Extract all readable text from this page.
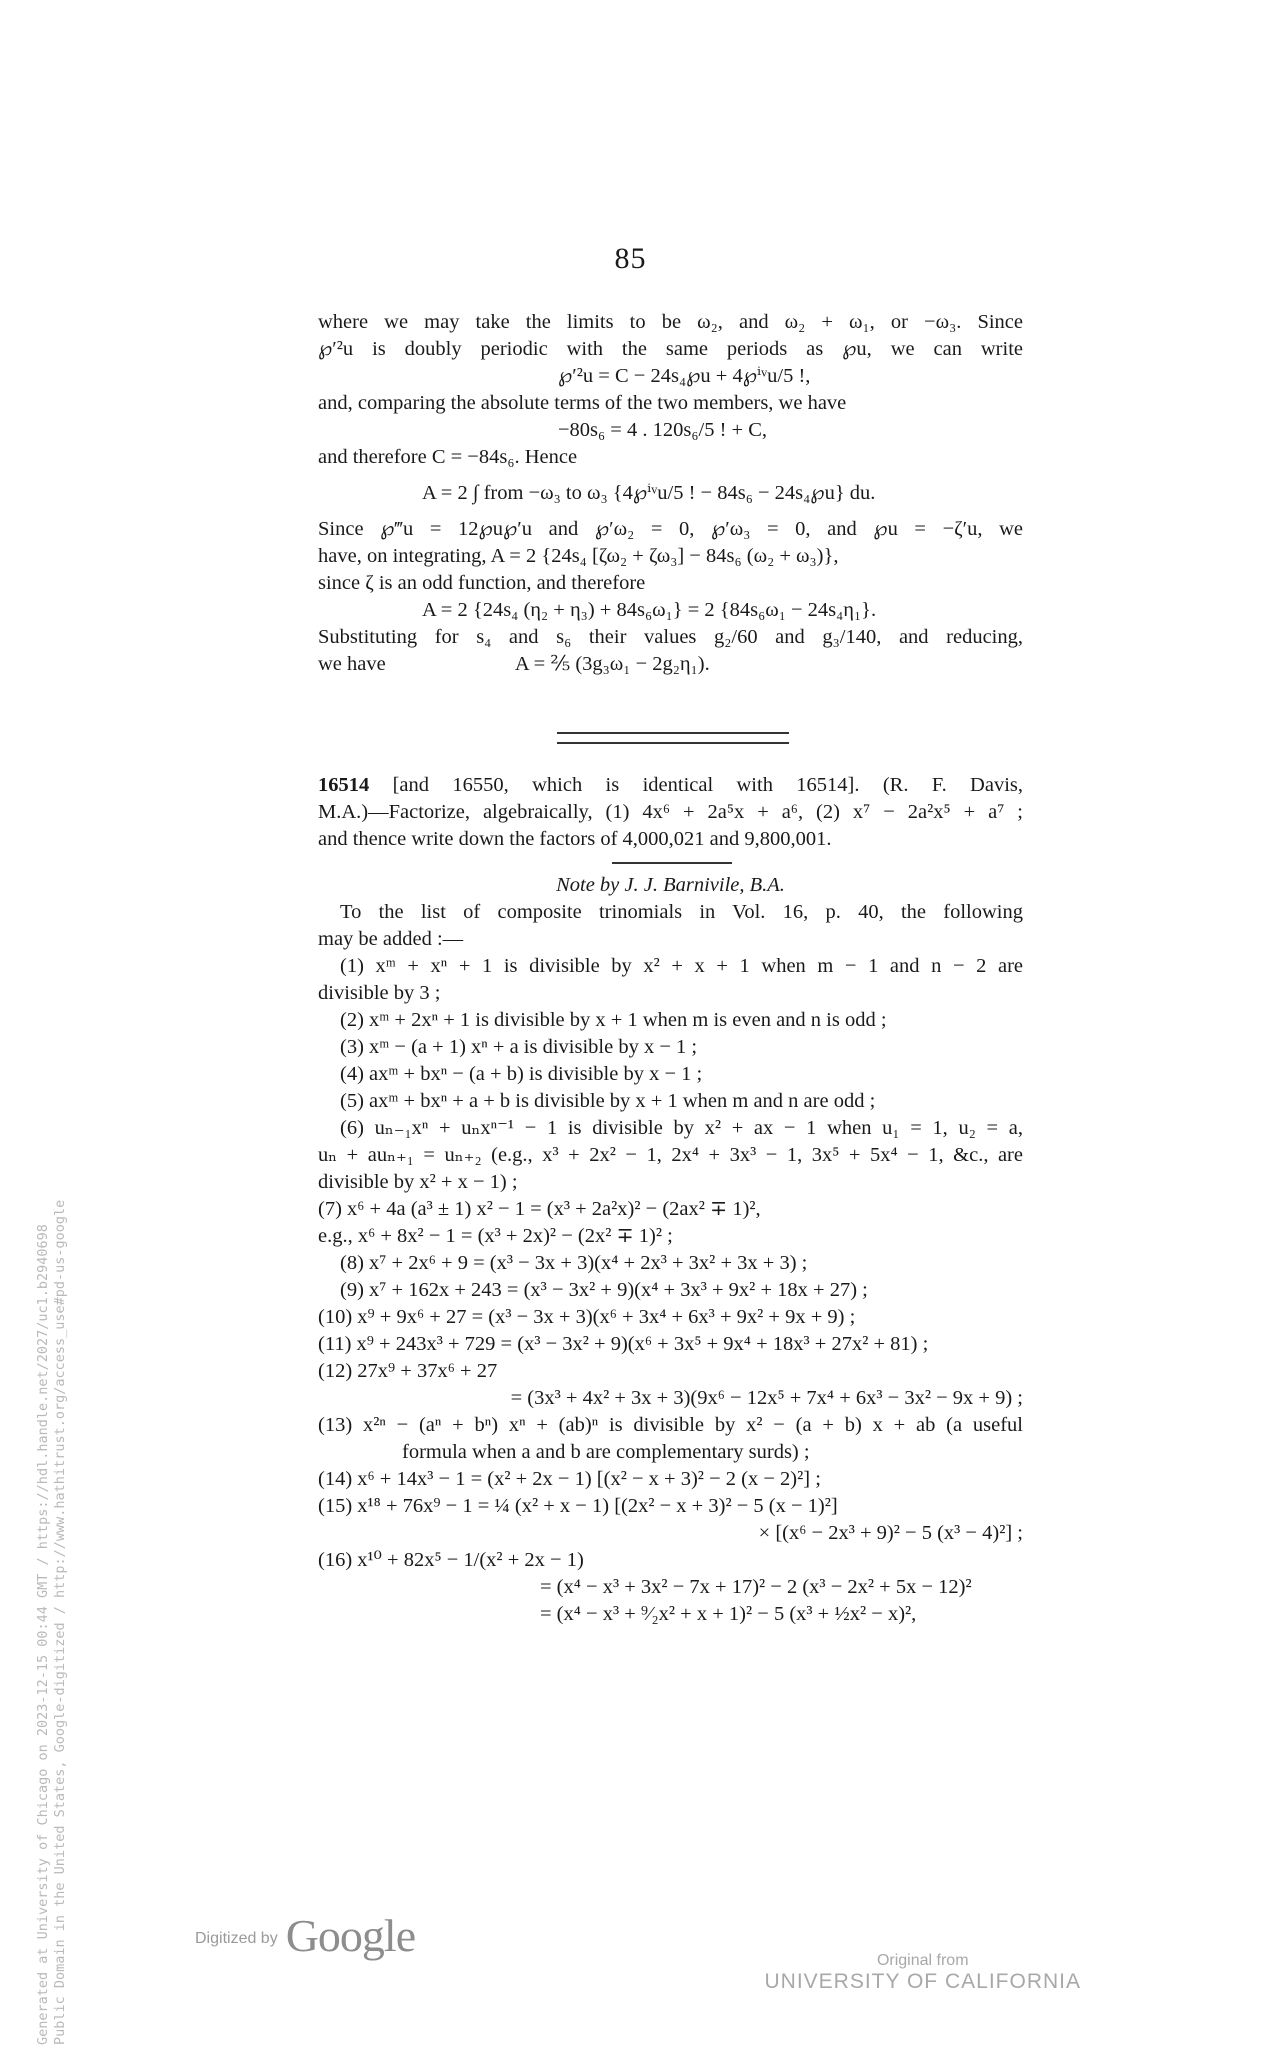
85
where we may take the limits to be ω₂, and ω₂ + ω₁, or −ω₃. Since
℘′²u is doubly periodic with the same periods as ℘u, we can write
℘′²u = C − 24s₄℘u + 4℘ⁱᵛu/5 !,
and, comparing the absolute terms of the two members, we have
−80s₆ = 4 . 120s₆/5 ! + C,
and therefore C = −84s₆. Hence
A = 2 ∫ from −ω₃ to ω₃ {4℘ⁱᵛu/5 ! − 84s₆ − 24s₄℘u} du.
Since ℘‴u = 12℘u℘′u and ℘′ω₂ = 0, ℘′ω₃ = 0, and ℘u = −ζ′u, we
have, on integrating, A = 2 {24s₄ [ζω₂ + ζω₃] − 84s₆ (ω₂ + ω₃)},
since ζ is an odd function, and therefore
A = 2 {24s₄ (η₂ + η₃) + 84s₆ω₁} = 2 {84s₆ω₁ − 24s₄η₁}.
Substituting for s₄ and s₆ their values g₂/60 and g₃/140, and reducing,
we have	A = ⅖ (3g₃ω₁ − 2g₂η₁).
16514 [and 16550, which is identical with 16514]. (R. F. Davis,
M.A.)—Factorize, algebraically, (1) 4x⁶ + 2a⁵x + a⁶, (2) x⁷ − 2a²x⁵ + a⁷ ;
and thence write down the factors of 4,000,021 and 9,800,001.
Note by J. J. Barnivile, B.A.
To the list of composite trinomials in Vol. 16, p. 40, the following
may be added :—
(1) xᵐ + xⁿ + 1 is divisible by x² + x + 1 when m − 1 and n − 2 are
divisible by 3 ;
(2) xᵐ + 2xⁿ + 1 is divisible by x + 1 when m is even and n is odd ;
(3) xᵐ − (a + 1) xⁿ + a is divisible by x − 1 ;
(4) axᵐ + bxⁿ − (a + b) is divisible by x − 1 ;
(5) axᵐ + bxⁿ + a + b is divisible by x + 1 when m and n are odd ;
(6) uₙ₋₁xⁿ + uₙxⁿ⁻¹ − 1 is divisible by x² + ax − 1 when u₁ = 1, u₂ = a,
uₙ + auₙ₊₁ = uₙ₊₂ (e.g., x³ + 2x² − 1, 2x⁴ + 3x³ − 1, 3x⁵ + 5x⁴ − 1, &c., are
divisible by x² + x − 1) ;
(7) x⁶ + 4a (a³ ± 1) x² − 1 = (x³ + 2a²x)² − (2ax² ∓ 1)²,
e.g., x⁶ + 8x² − 1 = (x³ + 2x)² − (2x² ∓ 1)² ;
(8) x⁷ + 2x⁶ + 9 = (x³ − 3x + 3)(x⁴ + 2x³ + 3x² + 3x + 3) ;
(9) x⁷ + 162x + 243 = (x³ − 3x² + 9)(x⁴ + 3x³ + 9x² + 18x + 27) ;
(10) x⁹ + 9x⁶ + 27 = (x³ − 3x + 3)(x⁶ + 3x⁴ + 6x³ + 9x² + 9x + 9) ;
(11) x⁹ + 243x³ + 729 = (x³ − 3x² + 9)(x⁶ + 3x⁵ + 9x⁴ + 18x³ + 27x² + 81) ;
(12) 27x⁹ + 37x⁶ + 27
= (3x³ + 4x² + 3x + 3)(9x⁶ − 12x⁵ + 7x⁴ + 6x³ − 3x² − 9x + 9) ;
(13) x²ⁿ − (aⁿ + bⁿ) xⁿ + (ab)ⁿ is divisible by x² − (a + b) x + ab (a useful
formula when a and b are complementary surds) ;
(14) x⁶ + 14x³ − 1 = (x² + 2x − 1) [(x² − x + 3)² − 2 (x − 2)²] ;
(15) x¹⁸ + 76x⁹ − 1 = ¼ (x² + x − 1) [(2x² − x + 3)² − 5 (x − 1)²]
× [(x⁶ − 2x³ + 9)² − 5 (x³ − 4)²] ;
(16) x¹⁰ + 82x⁵ − 1/(x² + 2x − 1)
= (x⁴ − x³ + 3x² − 7x + 17)² − 2 (x³ − 2x² + 5x − 12)²
= (x⁴ − x³ + ⁹⁄₂x² + x + 1)² − 5 (x³ + ½x² − x)²,
Generated at University of Chicago on 2023-12-15 00:44 GMT / https://hdl.handle.net/2027/uc1.b2940698 Public Domain in the United States, Google-digitized / http://www.hathitrust.org/access_use#pd-us-google	Digitized by Google	Original from
UNIVERSITY OF CALIFORNIA
